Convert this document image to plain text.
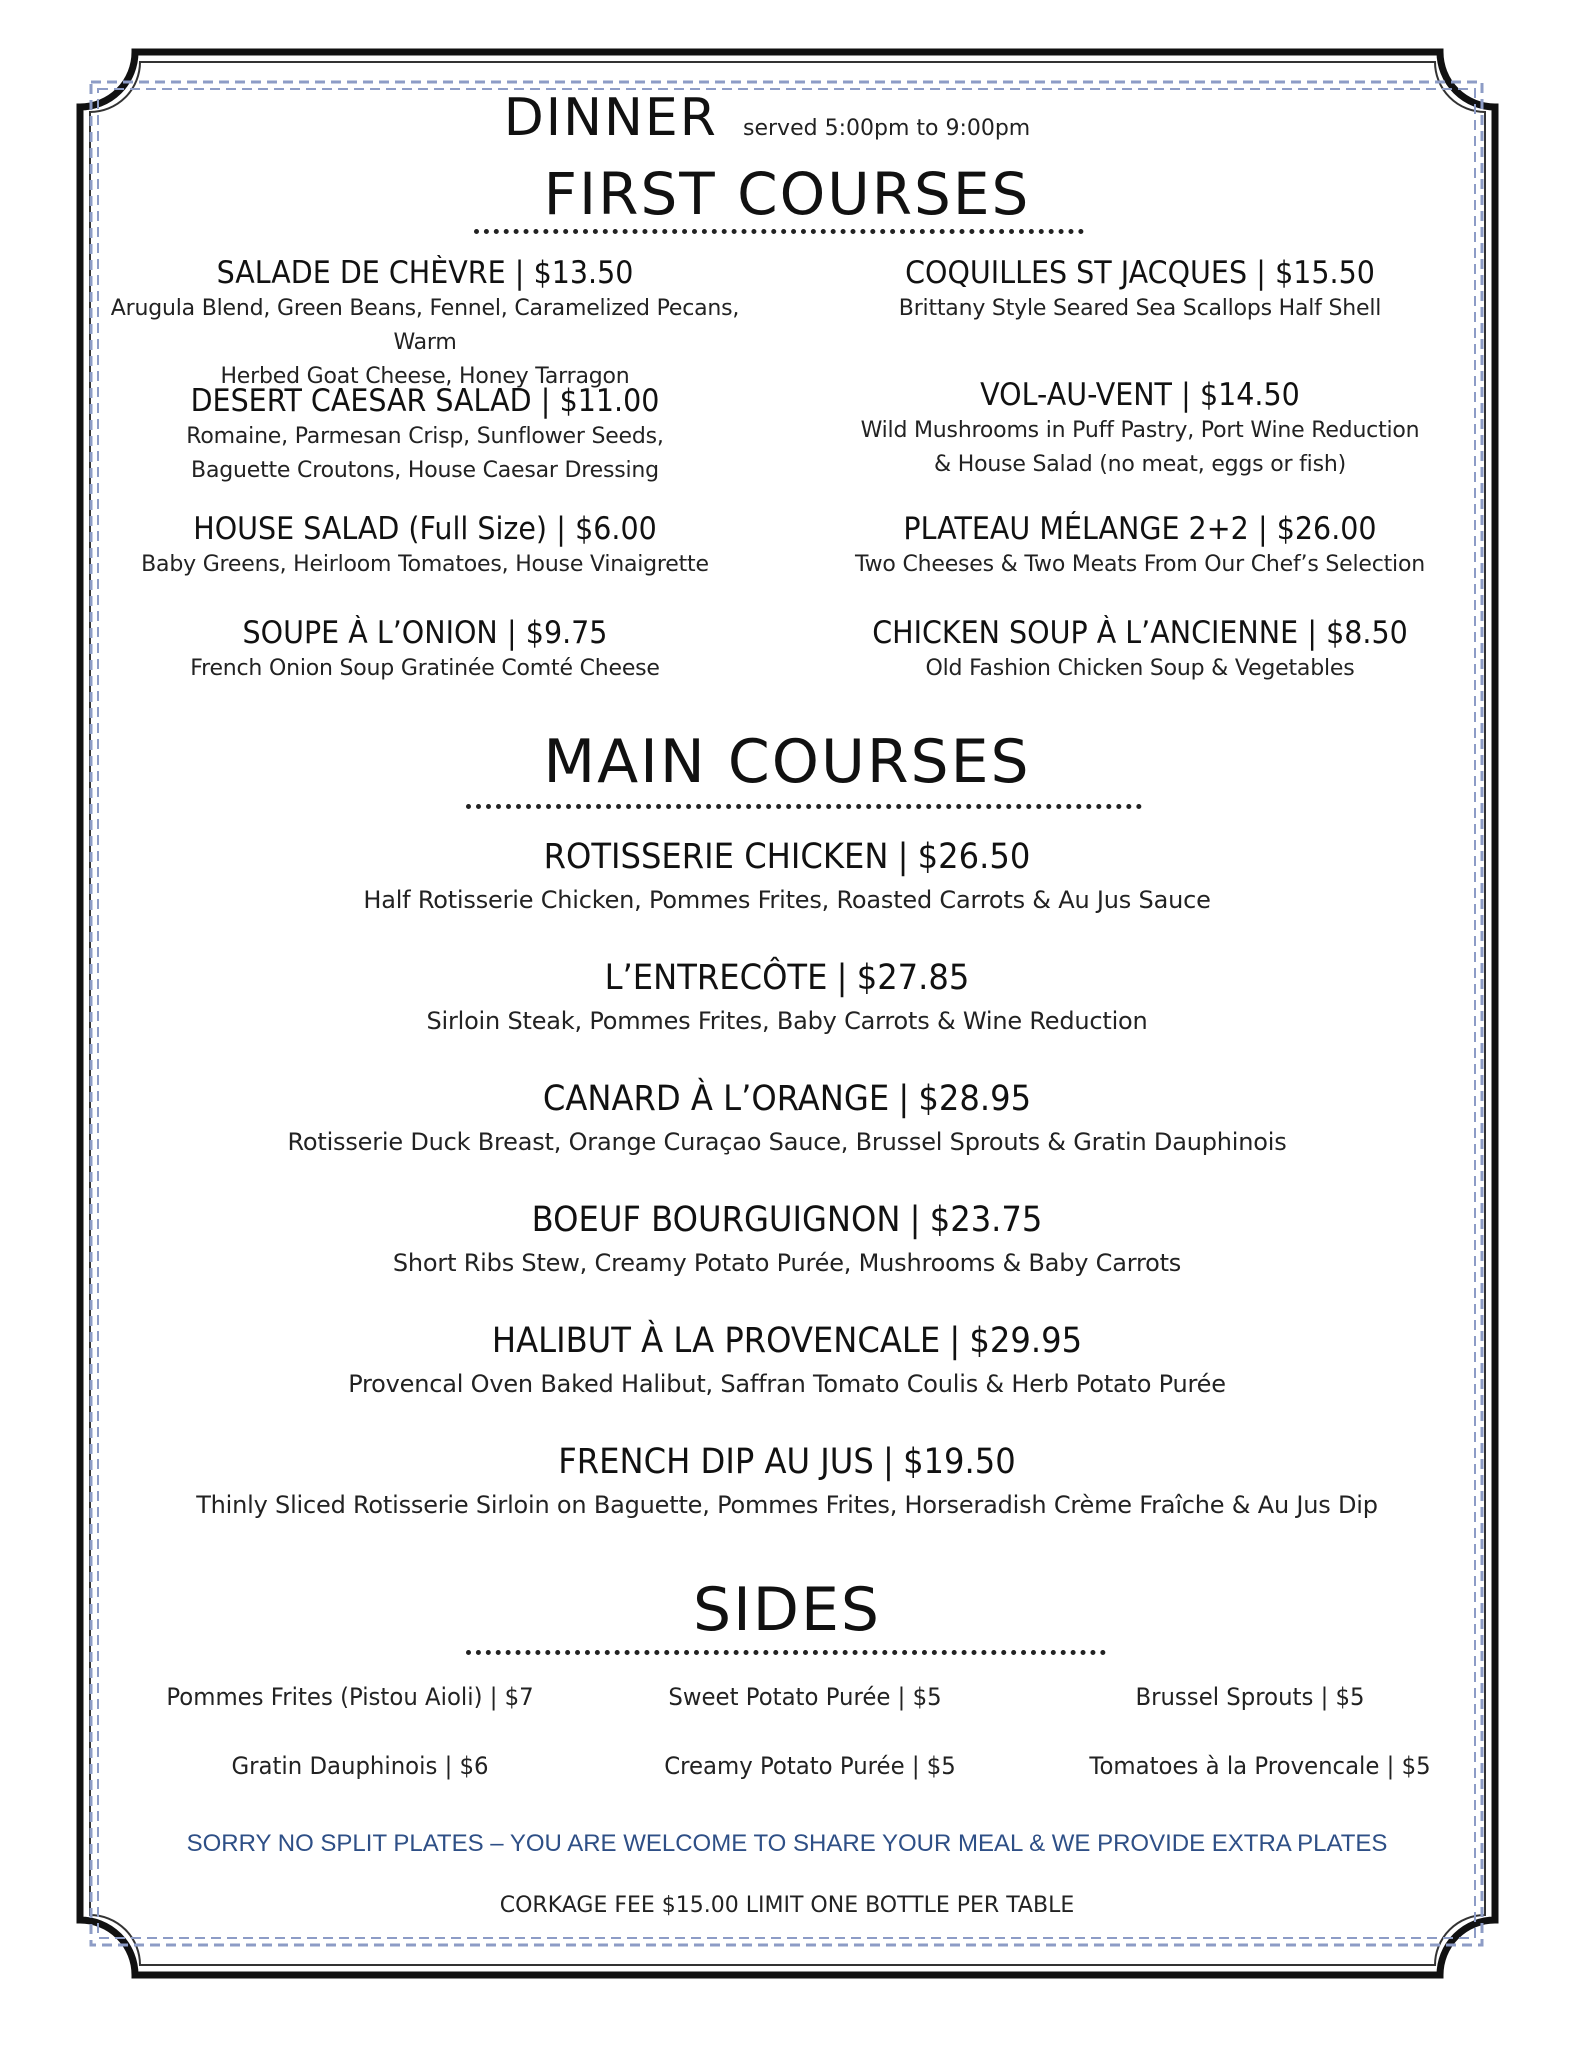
DINNER served 5:00pm to 9:00pm
FIRST COURSES
SALADE DE CHÈVRE | $13.50
Arugula Blend, Green Beans, Fennel, Caramelized Pecans, Warm
Herbed Goat Cheese, Honey Tarragon
DESERT CAESAR SALAD | $11.00
Romaine, Parmesan Crisp, Sunflower Seeds,
Baguette Croutons, House Caesar Dressing
HOUSE SALAD (Full Size) | $6.00
Baby Greens, Heirloom Tomatoes, House Vinaigrette
SOUPE À L’ONION | $9.75
French Onion Soup Gratinée Comté Cheese
COQUILLES ST JACQUES | $15.50
Brittany Style Seared Sea Scallops Half Shell
VOL-AU-VENT | $14.50
Wild Mushrooms in Puff Pastry, Port Wine Reduction
& House Salad (no meat, eggs or fish)
PLATEAU MÉLANGE 2+2 | $26.00
Two Cheeses & Two Meats From Our Chef’s Selection
CHICKEN SOUP À L’ANCIENNE | $8.50
Old Fashion Chicken Soup & Vegetables
MAIN COURSES
ROTISSERIE CHICKEN | $26.50
Half Rotisserie Chicken, Pommes Frites, Roasted Carrots & Au Jus Sauce
L’ENTRECÔTE | $27.85
Sirloin Steak, Pommes Frites, Baby Carrots & Wine Reduction
CANARD À L’ORANGE | $28.95
Rotisserie Duck Breast, Orange Curaçao Sauce, Brussel Sprouts & Gratin Dauphinois
BOEUF BOURGUIGNON | $23.75
Short Ribs Stew, Creamy Potato Purée, Mushrooms & Baby Carrots
HALIBUT À LA PROVENCALE | $29.95
Provencal Oven Baked Halibut, Saffran Tomato Coulis & Herb Potato Purée
FRENCH DIP AU JUS | $19.50
Thinly Sliced Rotisserie Sirloin on Baguette, Pommes Frites, Horseradish Crème Fraîche & Au Jus Dip
SIDES
Pommes Frites (Pistou Aioli) | $7	Sweet Potato Purée | $5	Brussel Sprouts | $5
Gratin Dauphinois | $6	Creamy Potato Purée | $5	Tomatoes à la Provencale | $5
SORRY NO SPLIT PLATES – YOU ARE WELCOME TO SHARE YOUR MEAL & WE PROVIDE EXTRA PLATES
CORKAGE FEE $15.00 LIMIT ONE BOTTLE PER TABLE
